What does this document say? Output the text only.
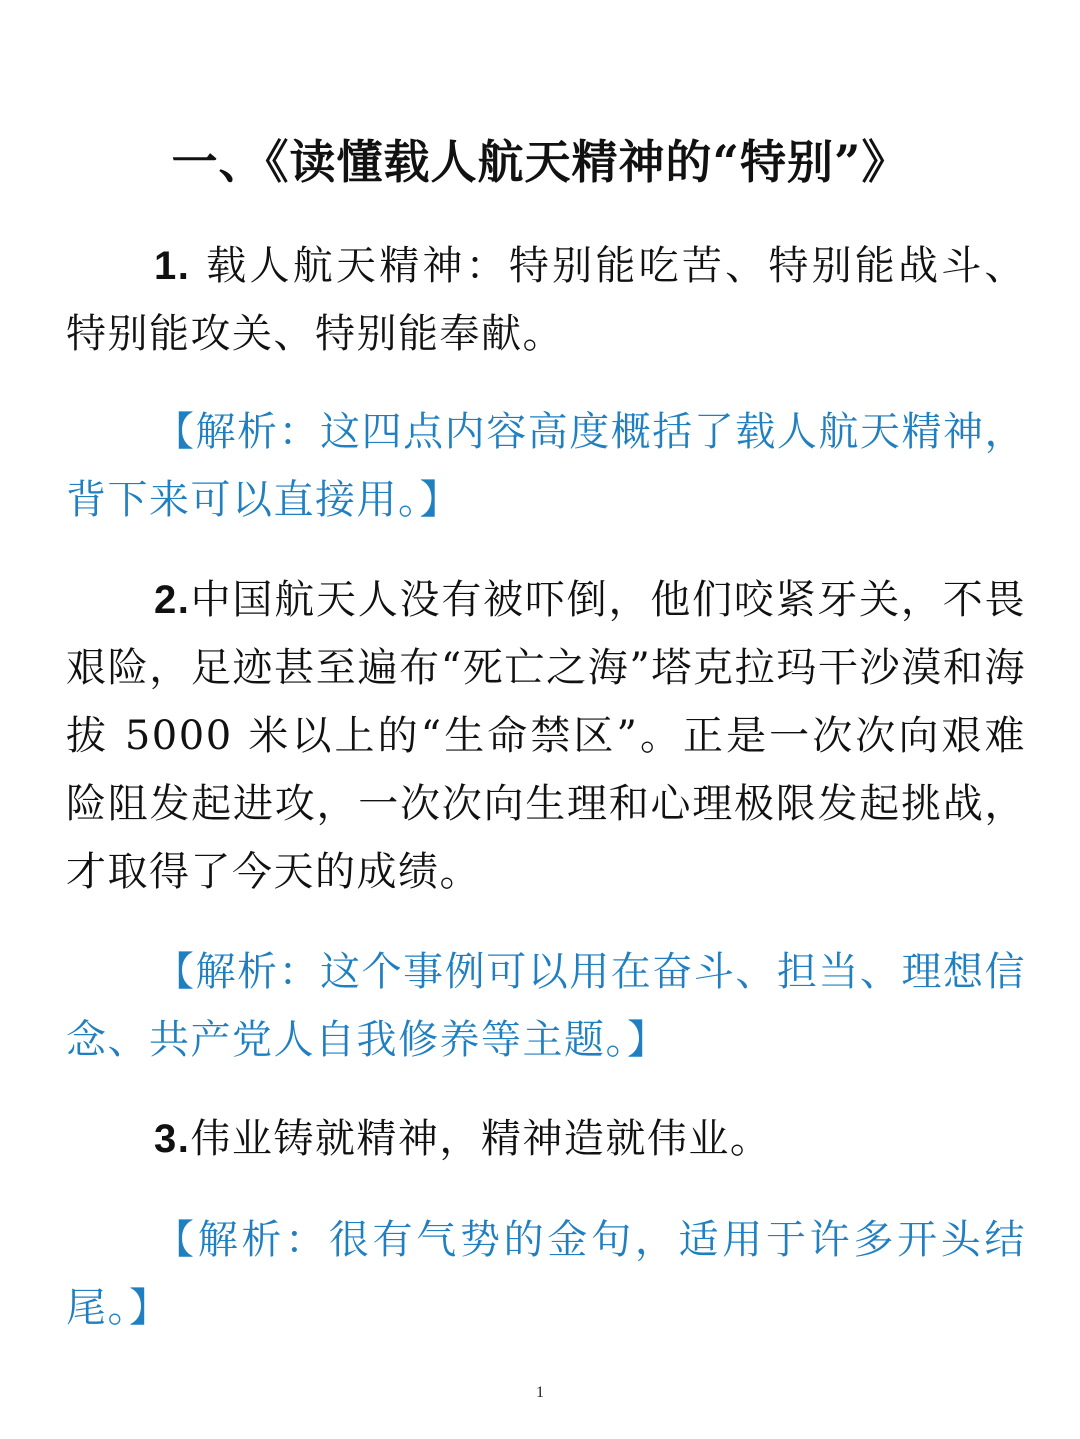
一、《读懂载人航天精神的“特别”》

1. 载人航天精神：特别能吃苦、特别能战斗、特别能攻关、特别能奉献。

【解析：这四点内容高度概括了载人航天精神，背下来可以直接用。】

2.中国航天人没有被吓倒，他们咬紧牙关，不畏艰险，足迹甚至遍布“死亡之海”塔克拉玛干沙漠和海拔 5000 米以上的“生命禁区”。正是一次次向艰难险阻发起进攻，一次次向生理和心理极限发起挑战，才取得了今天的成绩。

【解析：这个事例可以用在奋斗、担当、理想信念、共产党人自我修养等主题。】

3.伟业铸就精神，精神造就伟业。

【解析：很有气势的金句，适用于许多开头结尾。】

1
